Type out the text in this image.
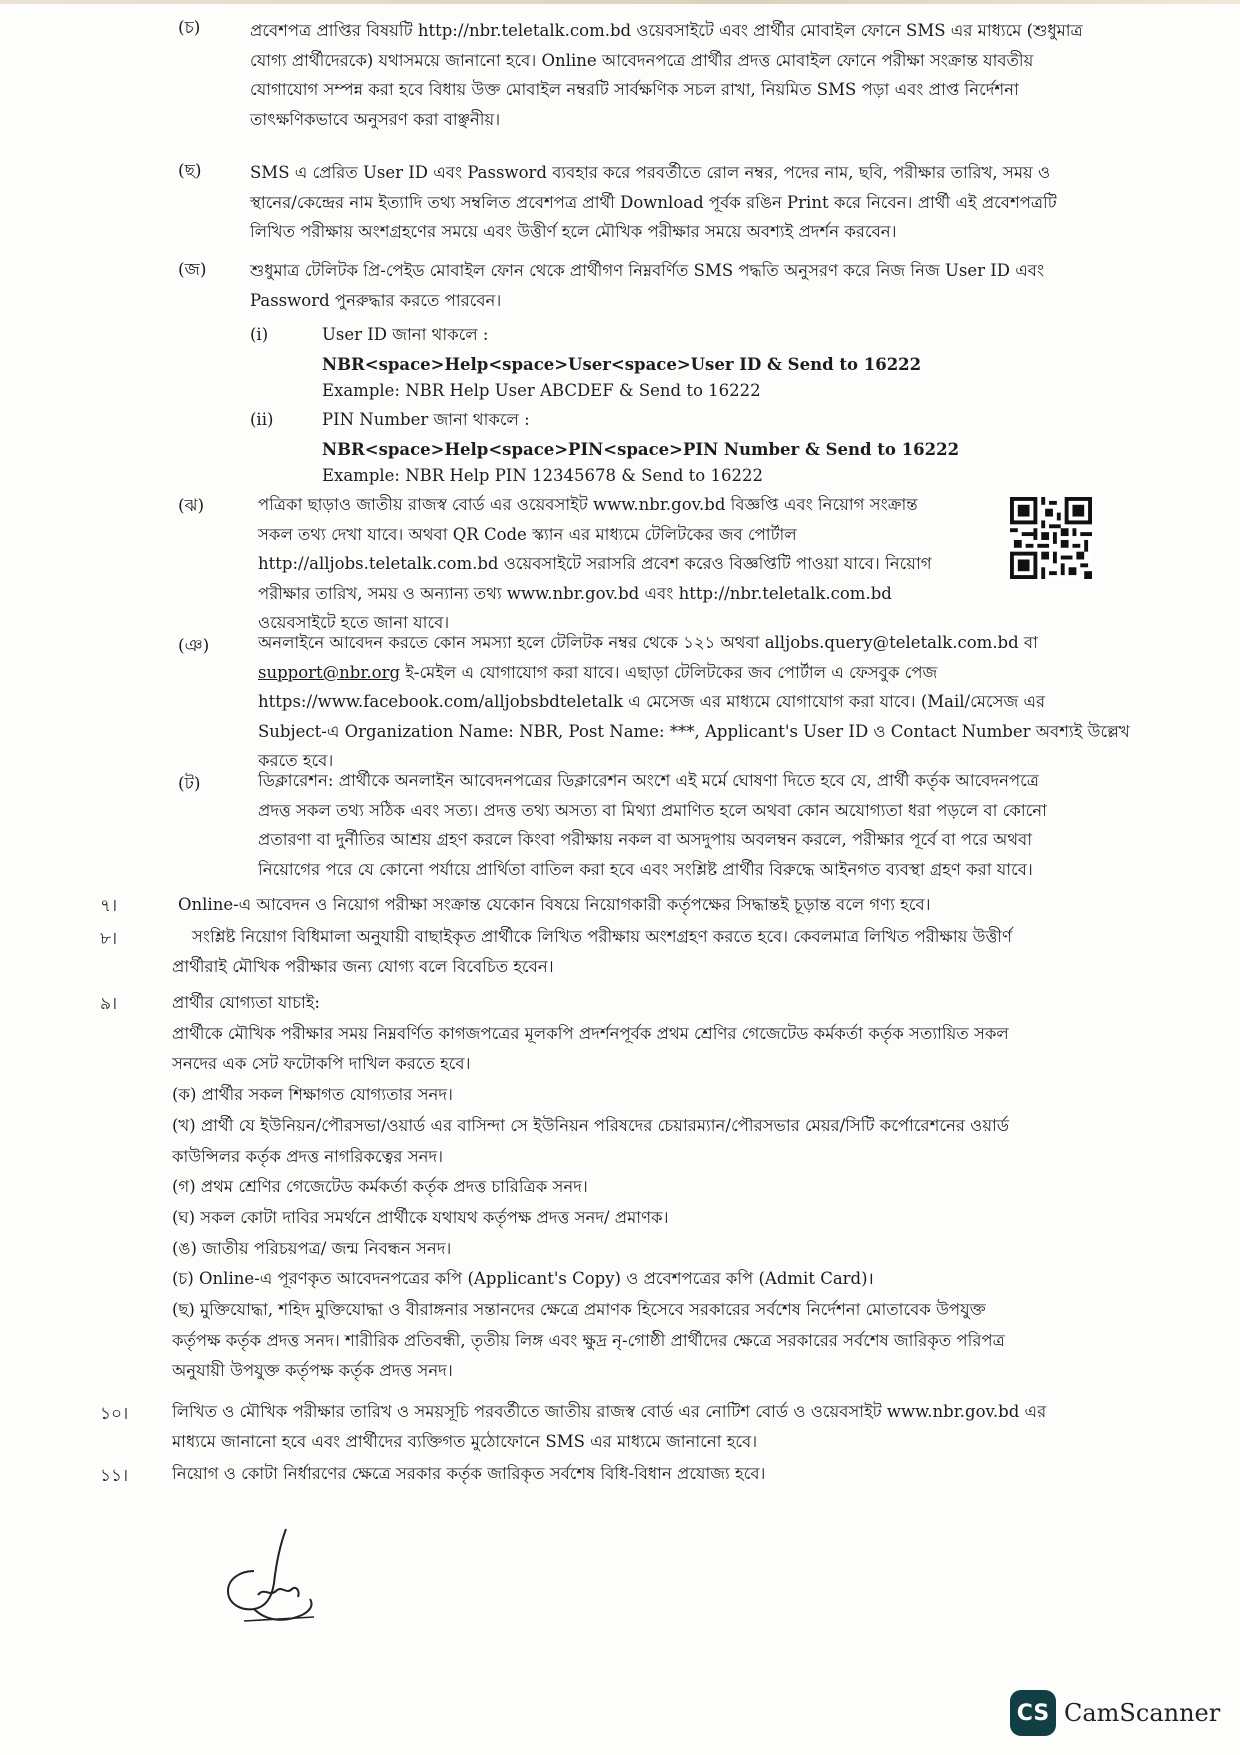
(চ)	প্রবেশপত্র প্রাপ্তির বিষয়টি http://nbr.teletalk.com.bd ওয়েবসাইটে এবং প্রার্থীর মোবাইল ফোনে SMS এর মাধ্যমে (শুধুমাত্র
যোগ্য প্রার্থীদেরকে) যথাসময়ে জানানো হবে। Online আবেদনপত্রে প্রার্থীর প্রদত্ত মোবাইল ফোনে পরীক্ষা সংক্রান্ত যাবতীয়
যোগাযোগ সম্পন্ন করা হবে বিধায় উক্ত মোবাইল নম্বরটি সার্বক্ষণিক সচল রাখা, নিয়মিত SMS পড়া এবং প্রাপ্ত নির্দেশনা
তাৎক্ষণিকভাবে অনুসরণ করা বাঞ্ছনীয়।
(ছ)	SMS এ প্রেরিত User ID এবং Password ব্যবহার করে পরবর্তীতে রোল নম্বর, পদের নাম, ছবি, পরীক্ষার তারিখ, সময় ও
স্থানের/কেন্দ্রের নাম ইত্যাদি তথ্য সম্বলিত প্রবেশপত্র প্রার্থী Download পূর্বক রঙিন Print করে নিবেন। প্রার্থী এই প্রবেশপত্রটি
লিখিত পরীক্ষায় অংশগ্রহণের সময়ে এবং উত্তীর্ণ হলে মৌখিক পরীক্ষার সময়ে অবশ্যই প্রদর্শন করবেন।
(জ)	শুধুমাত্র টেলিটক প্রি-পেইড মোবাইল ফোন থেকে প্রার্থীগণ নিম্নবর্ণিত SMS পদ্ধতি অনুসরণ করে নিজ নিজ User ID এবং
Password পুনরুদ্ধার করতে পারবেন।
(i)	User ID জানা থাকলে :
NBR<space>Help<space>User<space>User ID & Send to 16222
Example: NBR Help User ABCDEF & Send to 16222
(ii)	PIN Number জানা থাকলে :
NBR<space>Help<space>PIN<space>PIN Number & Send to 16222
Example: NBR Help PIN 12345678 & Send to 16222
(ঝ)	পত্রিকা ছাড়াও জাতীয় রাজস্ব বোর্ড এর ওয়েবসাইট www.nbr.gov.bd বিজ্ঞপ্তি এবং নিয়োগ সংক্রান্ত
সকল তথ্য দেখা যাবে। অথবা QR Code স্ক্যান এর মাধ্যমে টেলিটকের জব পোর্টাল
http://alljobs.teletalk.com.bd ওয়েবসাইটে সরাসরি প্রবেশ করেও বিজ্ঞপ্তিটি পাওয়া যাবে। নিয়োগ
পরীক্ষার তারিখ, সময় ও অন্যান্য তথ্য www.nbr.gov.bd এবং http://nbr.teletalk.com.bd
ওয়েবসাইটে হতে জানা যাবে।
(ঞ)	অনলাইনে আবেদন করতে কোন সমস্যা হলে টেলিটক নম্বর থেকে ১২১ অথবা alljobs.query@teletalk.com.bd বা
support@nbr.org ই-মেইল এ যোগাযোগ করা যাবে। এছাড়া টেলিটকের জব পোর্টাল এ ফেসবুক পেজ
https://www.facebook.com/alljobsbdteletalk এ মেসেজ এর মাধ্যমে যোগাযোগ করা যাবে। (Mail/মেসেজ এর
Subject-এ Organization Name: NBR, Post Name: ***, Applicant's User ID ও Contact Number অবশ্যই উল্লেখ
করতে হবে।
(ট)	ডিক্লারেশন: প্রার্থীকে অনলাইন আবেদনপত্রের ডিক্লারেশন অংশে এই মর্মে ঘোষণা দিতে হবে যে, প্রার্থী কর্তৃক আবেদনপত্রে
প্রদত্ত সকল তথ্য সঠিক এবং সত্য। প্রদত্ত তথ্য অসত্য বা মিথ্যা প্রমাণিত হলে অথবা কোন অযোগ্যতা ধরা পড়লে বা কোনো
প্রতারণা বা দুর্নীতির আশ্রয় গ্রহণ করলে কিংবা পরীক্ষায় নকল বা অসদুপায় অবলম্বন করলে, পরীক্ষার পূর্বে বা পরে অথবা
নিয়োগের পরে যে কোনো পর্যায়ে প্রার্থিতা বাতিল করা হবে এবং সংশ্লিষ্ট প্রার্থীর বিরুদ্ধে আইনগত ব্যবস্থা গ্রহণ করা যাবে।
৭।	Online-এ আবেদন ও নিয়োগ পরীক্ষা সংক্রান্ত যেকোন বিষয়ে নিয়োগকারী কর্তৃপক্ষের সিদ্ধান্তই চূড়ান্ত বলে গণ্য হবে।
৮।	সংশ্লিষ্ট নিয়োগ বিধিমালা অনুযায়ী বাছাইকৃত প্রার্থীকে লিখিত পরীক্ষায় অংশগ্রহণ করতে হবে। কেবলমাত্র লিখিত পরীক্ষায় উত্তীর্ণ
প্রার্থীরাই মৌখিক পরীক্ষার জন্য যোগ্য বলে বিবেচিত হবেন।
৯।	প্রার্থীর যোগ্যতা যাচাই:
প্রার্থীকে মৌখিক পরীক্ষার সময় নিম্নবর্ণিত কাগজপত্রের মূলকপি প্রদর্শনপূর্বক প্রথম শ্রেণির গেজেটেড কর্মকর্তা কর্তৃক সত্যায়িত সকল
সনদের এক সেট ফটোকপি দাখিল করতে হবে।
(ক) প্রার্থীর সকল শিক্ষাগত যোগ্যতার সনদ।
(খ) প্রার্থী যে ইউনিয়ন/পৌরসভা/ওয়ার্ড এর বাসিন্দা সে ইউনিয়ন পরিষদের চেয়ারম্যান/পৌরসভার মেয়র/সিটি কর্পোরেশনের ওয়ার্ড
কাউন্সিলর কর্তৃক প্রদত্ত নাগরিকত্বের সনদ।
(গ) প্রথম শ্রেণির গেজেটেড কর্মকর্তা কর্তৃক প্রদত্ত চারিত্রিক সনদ।
(ঘ) সকল কোটা দাবির সমর্থনে প্রার্থীকে যথাযথ কর্তৃপক্ষ প্রদত্ত সনদ/ প্রমাণক।
(ঙ) জাতীয় পরিচয়পত্র/ জন্ম নিবন্ধন সনদ।
(চ) Online-এ পূরণকৃত আবেদনপত্রের কপি (Applicant's Copy) ও প্রবেশপত্রের কপি (Admit Card)।
(ছ) মুক্তিযোদ্ধা, শহিদ মুক্তিযোদ্ধা ও বীরাঙ্গনার সন্তানদের ক্ষেত্রে প্রমাণক হিসেবে সরকারের সর্বশেষ নির্দেশনা মোতাবেক উপযুক্ত
কর্তৃপক্ষ কর্তৃক প্রদত্ত সনদ। শারীরিক প্রতিবন্ধী, তৃতীয় লিঙ্গ এবং ক্ষুদ্র নৃ-গোষ্ঠী প্রার্থীদের ক্ষেত্রে সরকারের সর্বশেষ জারিকৃত পরিপত্র
অনুযায়ী উপযুক্ত কর্তৃপক্ষ কর্তৃক প্রদত্ত সনদ।
১০।	লিখিত ও মৌখিক পরীক্ষার তারিখ ও সময়সূচি পরবর্তীতে জাতীয় রাজস্ব বোর্ড এর নোটিশ বোর্ড ও ওয়েবসাইট www.nbr.gov.bd এর
মাধ্যমে জানানো হবে এবং প্রার্থীদের ব্যক্তিগত মুঠোফোনে SMS এর মাধ্যমে জানানো হবে।
১১।	নিয়োগ ও কোটা নির্ধারণের ক্ষেত্রে সরকার কর্তৃক জারিকৃত সর্বশেষ বিধি-বিধান প্রযোজ্য হবে।
CS CamScanner
